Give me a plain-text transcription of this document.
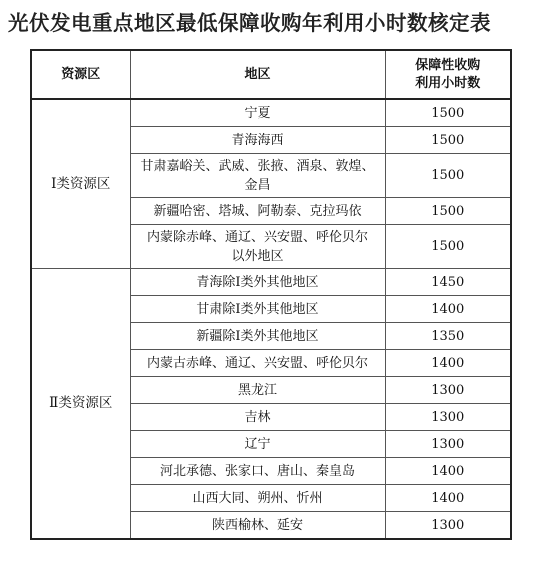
光伏发电重点地区最低保障收购年利用小时数核定表
资源区	地区	保障性收购
利用小时数
Ⅰ类资源区	宁夏	1500
	青海海西	1500
	甘肃嘉峪关、武威、张掖、酒泉、敦煌、
金昌	1500
	新疆哈密、塔城、阿勒泰、克拉玛依	1500
	内蒙除赤峰、通辽、兴安盟、呼伦贝尔
以外地区	1500
Ⅱ类资源区	青海除Ⅰ类外其他地区	1450
	甘肃除Ⅰ类外其他地区	1400
	新疆除Ⅰ类外其他地区	1350
	内蒙古赤峰、通辽、兴安盟、呼伦贝尔	1400
	黑龙江	1300
	吉林	1300
	辽宁	1300
	河北承德、张家口、唐山、秦皇岛	1400
	山西大同、朔州、忻州	1400
	陕西榆林、延安	1300
